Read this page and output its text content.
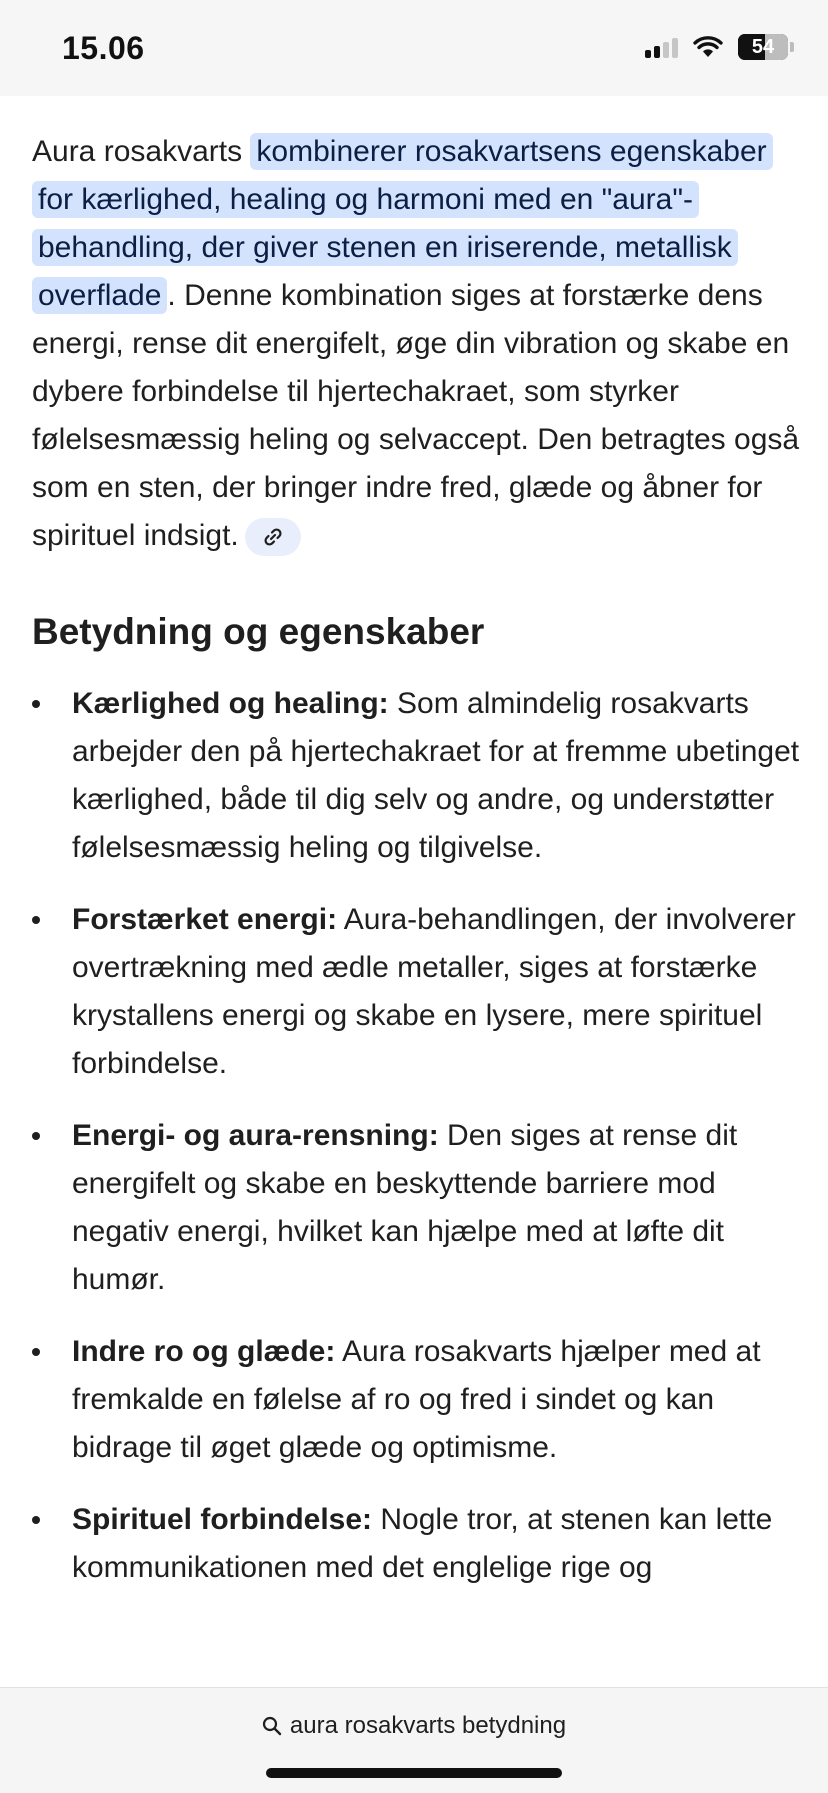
15.06	54

Aura rosakvarts kombinerer rosakvartsens egenskaber for kærlighed, healing og harmoni med en "aura"-behandling, der giver stenen en iriserende, metallisk overflade . Denne kombination siges at forstærke dens energi, rense dit energifelt, øge din vibration og skabe en dybere forbindelse til hjertechakraet, som styrker følelsesmæssig heling og selvaccept. Den betragtes også som en sten, der bringer indre fred, glæde og åbner for spirituel indsigt.

Betydning og egenskaber
Kærlighed og healing: Som almindelig rosakvarts arbejder den på hjertechakraet for at fremme ubetinget kærlighed, både til dig selv og andre, og understøtter følelsesmæssig heling og tilgivelse.
Forstærket energi: Aura-behandlingen, der involverer overtrækning med ædle metaller, siges at forstærke krystallens energi og skabe en lysere, mere spirituel forbindelse.
Energi- og aura-rensning: Den siges at rense dit energifelt og skabe en beskyttende barriere mod negativ energi, hvilket kan hjælpe med at løfte dit humør.
Indre ro og glæde: Aura rosakvarts hjælper med at fremkalde en følelse af ro og fred i sindet og kan bidrage til øget glæde og optimisme.
Spirituel forbindelse: Nogle tror, at stenen kan lette kommunikationen med det englelige rige og
aura rosakvarts betydning
